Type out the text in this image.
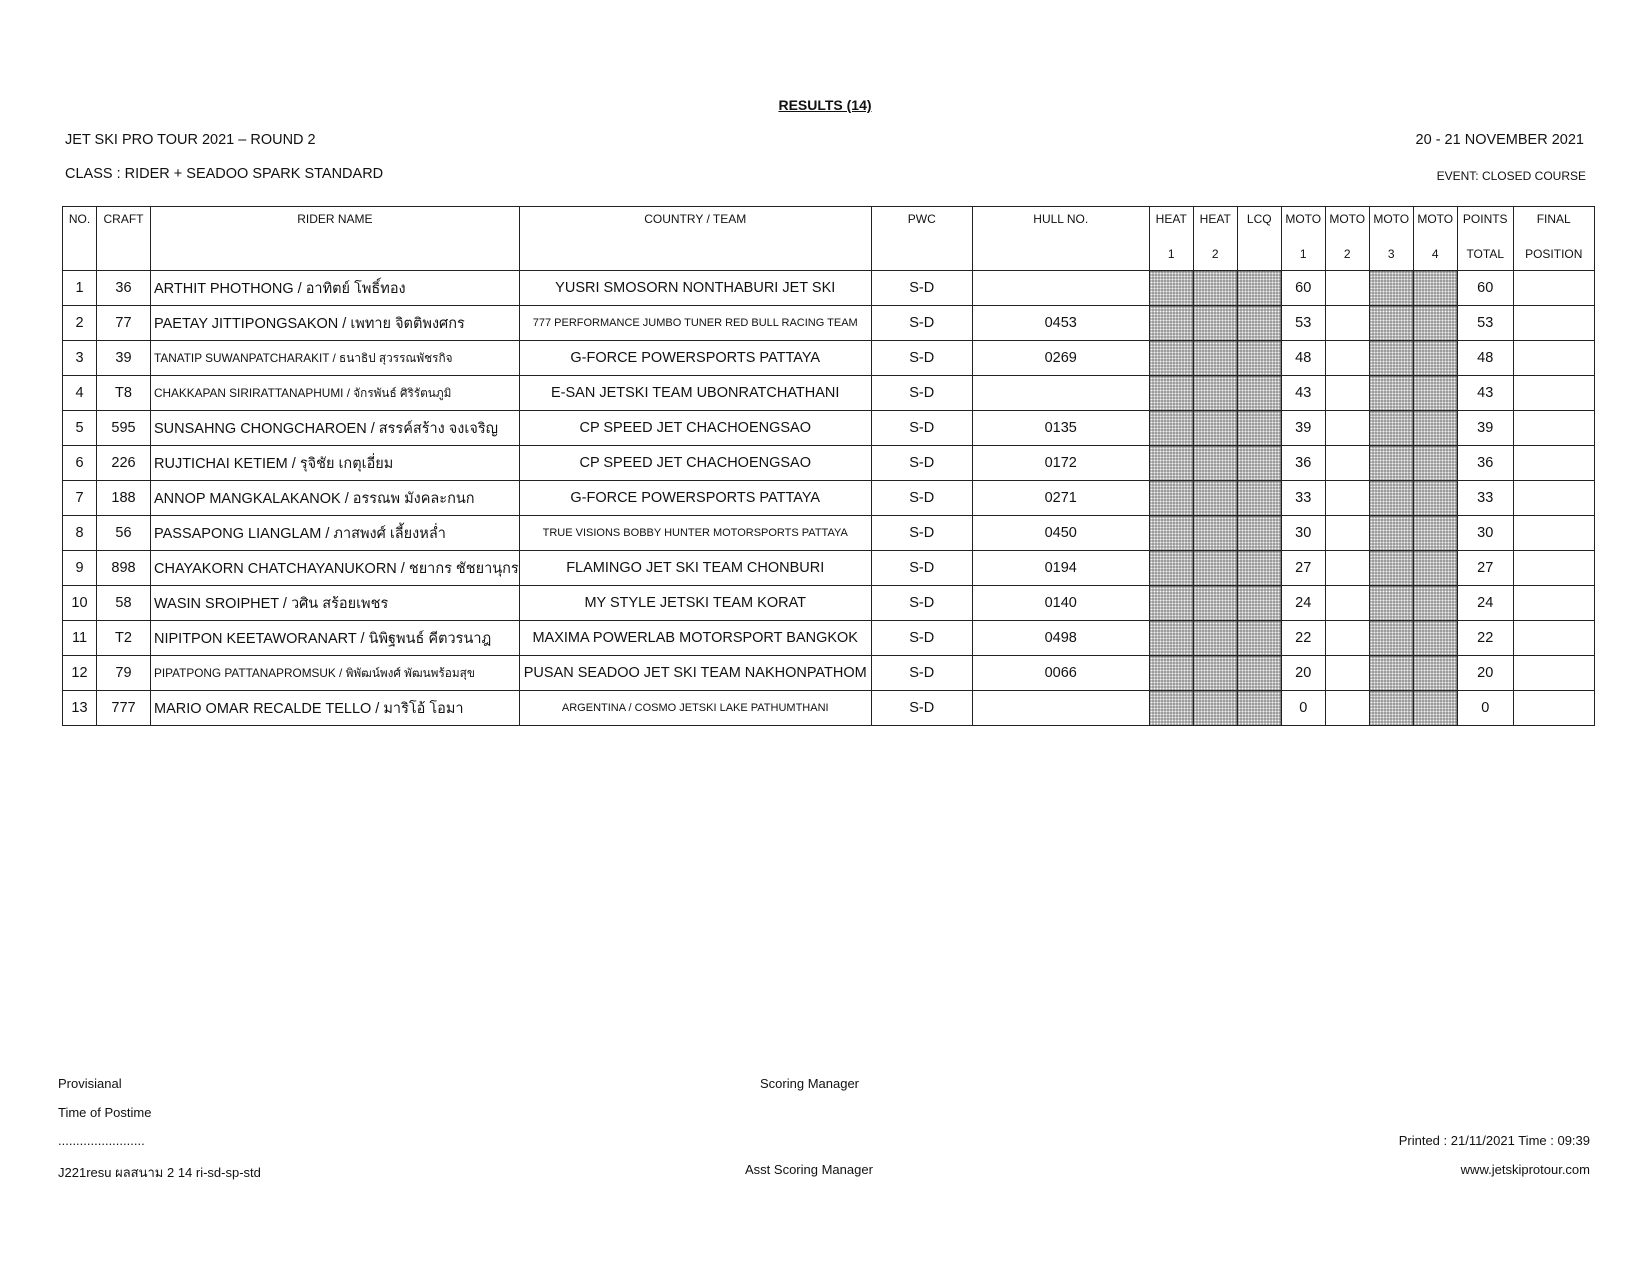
RESULTS (14)
JET SKI PRO TOUR 2021 – ROUND 2	20 - 21 NOVEMBER 2021
CLASS : RIDER + SEADOO SPARK STANDARD	EVENT: CLOSED COURSE
NO.	CRAFT	RIDER NAME	COUNTRY / TEAM	PWC	HULL NO.	HEAT	HEAT	LCQ	MOTO	MOTO	MOTO	MOTO	POINTS	FINAL
						1	2		1	2	3	4	TOTAL	POSITION
1	36	ARTHIT PHOTHONG / อาทิตย์ โพธิ์ทอง	YUSRI SMOSORN NONTHABURI JET SKI	S-D					60				60	
2	77	PAETAY JITTIPONGSAKON / เพทาย จิตติพงศกร	777 PERFORMANCE JUMBO TUNER RED BULL RACING TEAM	S-D	0453				53				53	
3	39	TANATIP SUWANPATCHARAKIT / ธนาธิป สุวรรณพัชรกิจ	G-FORCE POWERSPORTS PATTAYA	S-D	0269				48				48	
4	T8	CHAKKAPAN SIRIRATTANAPHUMI / จักรพันธ์ ศิริรัตนภูมิ	E-SAN JETSKI TEAM UBONRATCHATHANI	S-D					43				43	
5	595	SUNSAHNG CHONGCHAROEN / สรรค์สร้าง จงเจริญ	CP SPEED JET CHACHOENGSAO	S-D	0135				39				39	
6	226	RUJTICHAI KETIEM / รุจิชัย เกตุเอี่ยม	CP SPEED JET CHACHOENGSAO	S-D	0172				36				36	
7	188	ANNOP MANGKALAKANOK / อรรณพ มังคละกนก	G-FORCE POWERSPORTS PATTAYA	S-D	0271				33				33	
8	56	PASSAPONG LIANGLAM / ภาสพงศ์ เลี้ยงหล่ำ	TRUE VISIONS BOBBY HUNTER MOTORSPORTS PATTAYA	S-D	0450				30				30	
9	898	CHAYAKORN CHATCHAYANUKORN / ชยากร ชัชยานุกร	FLAMINGO JET SKI TEAM CHONBURI	S-D	0194				27				27	
10	58	WASIN SROIPHET / วศิน สร้อยเพชร	MY STYLE JETSKI TEAM KORAT	S-D	0140				24				24	
11	T2	NIPITPON KEETAWORANART / นิพิฐพนธ์ คีตวรนาฎ	MAXIMA POWERLAB MOTORSPORT BANGKOK	S-D	0498				22				22	
12	79	PIPATPONG PATTANAPROMSUK / พิพัฒน์พงศ์ พัฒนพร้อมสุข	PUSAN SEADOO JET SKI TEAM NAKHONPATHOM	S-D	0066				20				20	
13	777	MARIO OMAR RECALDE TELLO / มาริโอ้ โอมา	ARGENTINA / COSMO JETSKI LAKE PATHUMTHANI	S-D					0				0	
Provisianal
Time of Postime
........................
J221resu ผลสนาม 2 14 ri-sd-sp-std
Scoring Manager
Asst Scoring Manager
Printed : 21/11/2021 Time : 09:39
www.jetskiprotour.com
